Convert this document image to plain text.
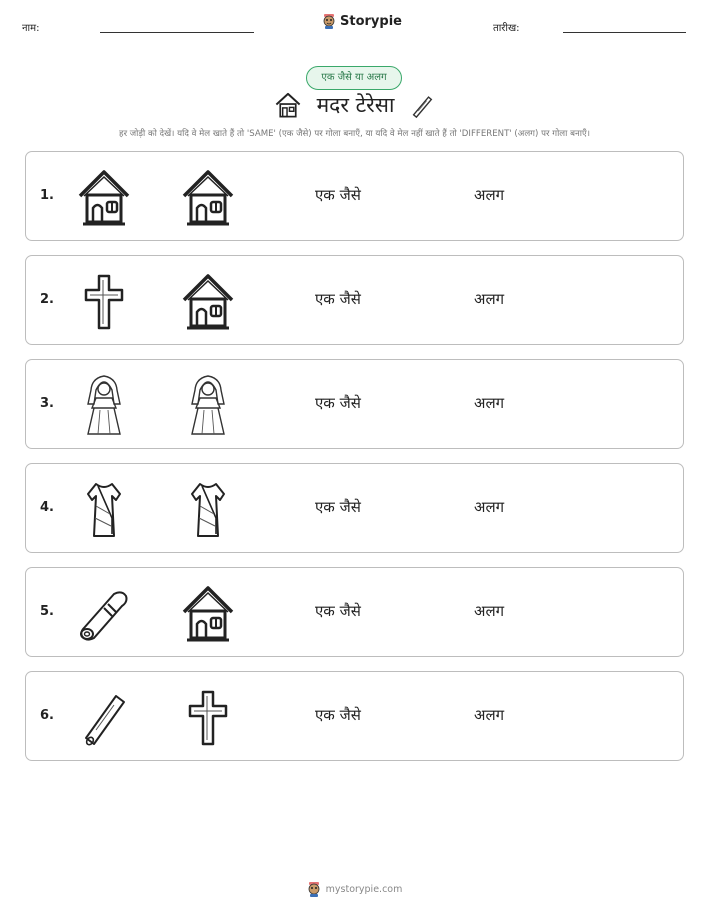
नाम:	Storypie	तारीख:
एक जैसे या अलग
मदर टेरेसा
हर जोड़ी को देखें। यदि वे मेल खाते हैं तो 'SAME' (एक जैसे) पर गोला बनाएँ, या यदि वे मेल नहीं खाते हैं तो 'DIFFERENT' (अलग) पर गोला बनाएँ।
1.	एक जैसे	अलग
2.	एक जैसे	अलग
3.	एक जैसे	अलग
4.	एक जैसे	अलग
5.	एक जैसे	अलग
6.	एक जैसे	अलग
mystorypie.com
